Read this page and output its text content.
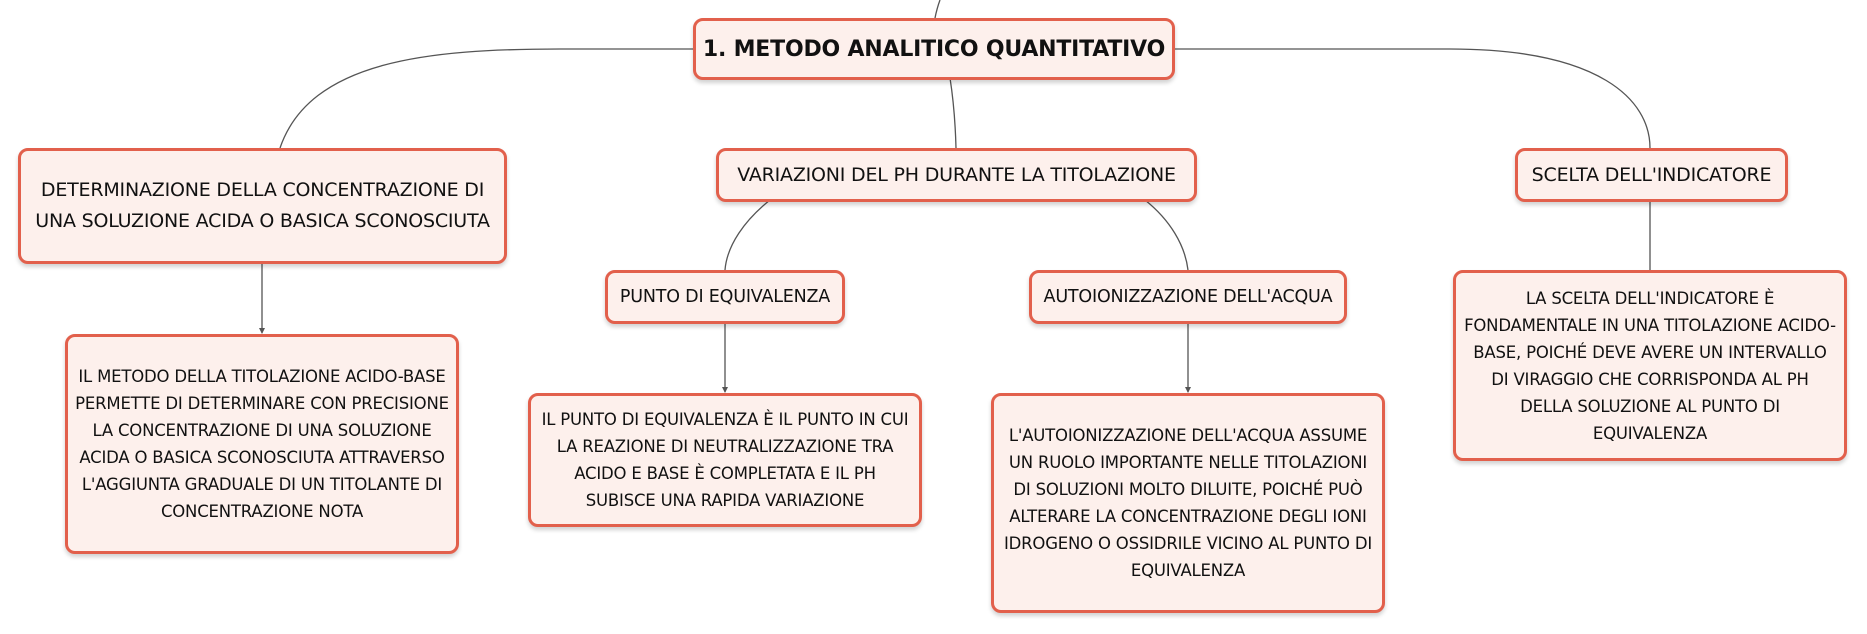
1. METODO ANALITICO QUANTITATIVO
DETERMINAZIONE DELLA CONCENTRAZIONE DI UNA SOLUZIONE ACIDA O BASICA SCONOSCIUTA
VARIAZIONI DEL PH DURANTE LA TITOLAZIONE	SCELTA DELL'INDICATORE
PUNTO DI EQUIVALENZA	AUTOIONIZZAZIONE DELL'ACQUA
IL METODO DELLA TITOLAZIONE ACIDO-BASE PERMETTE DI DETERMINARE CON PRECISIONE LA CONCENTRAZIONE DI UNA SOLUZIONE ACIDA O BASICA SCONOSCIUTA ATTRAVERSO L'AGGIUNTA GRADUALE DI UN TITOLANTE DI CONCENTRAZIONE NOTA
IL PUNTO DI EQUIVALENZA È IL PUNTO IN CUI LA REAZIONE DI NEUTRALIZZAZIONE TRA ACIDO E BASE È COMPLETATA E IL PH SUBISCE UNA RAPIDA VARIAZIONE
L'AUTOIONIZZAZIONE DELL'ACQUA ASSUME UN RUOLO IMPORTANTE NELLE TITOLAZIONI DI SOLUZIONI MOLTO DILUITE, POICHÉ PUÒ ALTERARE LA CONCENTRAZIONE DEGLI IONI IDROGENO O OSSIDRILE VICINO AL PUNTO DI EQUIVALENZA
LA SCELTA DELL'INDICATORE È FONDAMENTALE IN UNA TITOLAZIONE ACIDO-BASE, POICHÉ DEVE AVERE UN INTERVALLO DI VIRAGGIO CHE CORRISPONDA AL PH DELLA SOLUZIONE AL PUNTO DI EQUIVALENZA
